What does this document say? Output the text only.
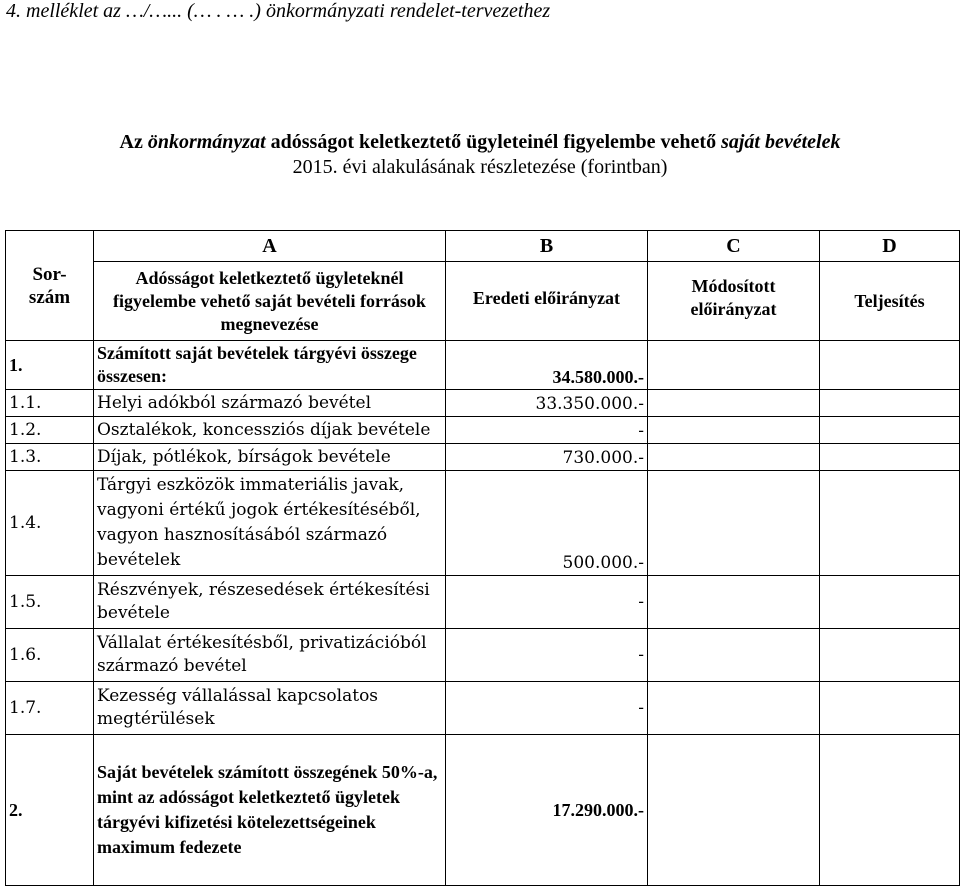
4. melléklet az …/…... (… . … .) önkormányzati rendelet-tervezethez
Az önkormányzat adósságot keletkeztető ügyleteinél figyelembe vehető saját bevételek
2015. évi alakulásának részletezése (forintban)
Sor-
szám	A	B	C	D
	Adósságot keletkeztető ügyleteknél figyelembe vehető saját bevételi források megnevezése	Eredeti előirányzat	Módosított előirányzat	Teljesítés
1.	Számított saját bevételek tárgyévi összege összesen:	34.580.000.-		
1.1.	Helyi adókból származó bevétel	33.350.000.-		
1.2.	Osztalékok, koncessziós díjak bevétele	-		
1.3.	Díjak, pótlékok, bírságok bevétele	730.000.-		
1.4.	Tárgyi eszközök immateriális javak, vagyoni értékű jogok értékesítéséből, vagyon hasznosításából származó bevételek	500.000.-		
1.5.	Részvények, részesedések értékesítési bevétele	-		
1.6.	Vállalat értékesítésből, privatizációból származó bevétel	-		
1.7.	Kezesség vállalással kapcsolatos megtérülések	-		
2.	Saját bevételek számított összegének 50%-a, mint az adósságot keletkeztető ügyletek tárgyévi kifizetési kötelezettségeinek maximum fedezete	17.290.000.-		
